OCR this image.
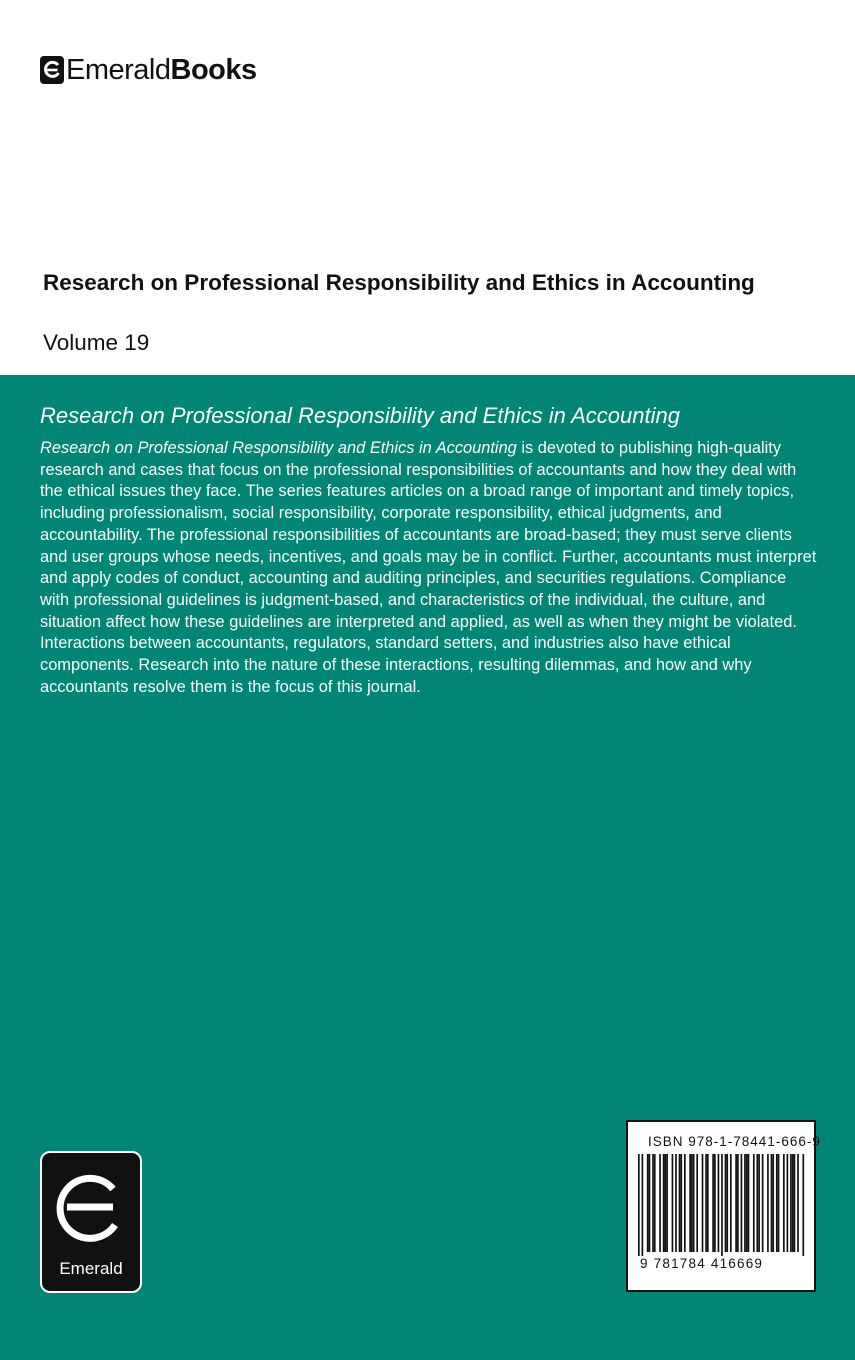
EmeraldBooks
Research on Professional Responsibility and Ethics in Accounting
Volume 19
Research on Professional Responsibility and Ethics in Accounting

Research on Professional Responsibility and Ethics in Accounting is devoted to publishing high-quality research and cases that focus on the professional responsibilities of accountants and how they deal with the ethical issues they face. The series features articles on a broad range of important and timely topics, including professionalism, social responsibility, corporate responsibility, ethical judgments, and accountability. The professional responsibilities of accountants are broad-based; they must serve clients and user groups whose needs, incentives, and goals may be in conflict. Further, accountants must interpret and apply codes of conduct, accounting and auditing principles, and securities regulations. Compliance with professional guidelines is judgment-based, and characteristics of the individual, the culture, and situation affect how these guidelines are interpreted and applied, as well as when they might be violated. Interactions between accountants, regulators, standard setters, and industries also have ethical components. Research into the nature of these interactions, resulting dilemmas, and how and why accountants resolve them is the focus of this journal.

Emerald
ISBN 978-1-78441-666-9
9 781784 416669
